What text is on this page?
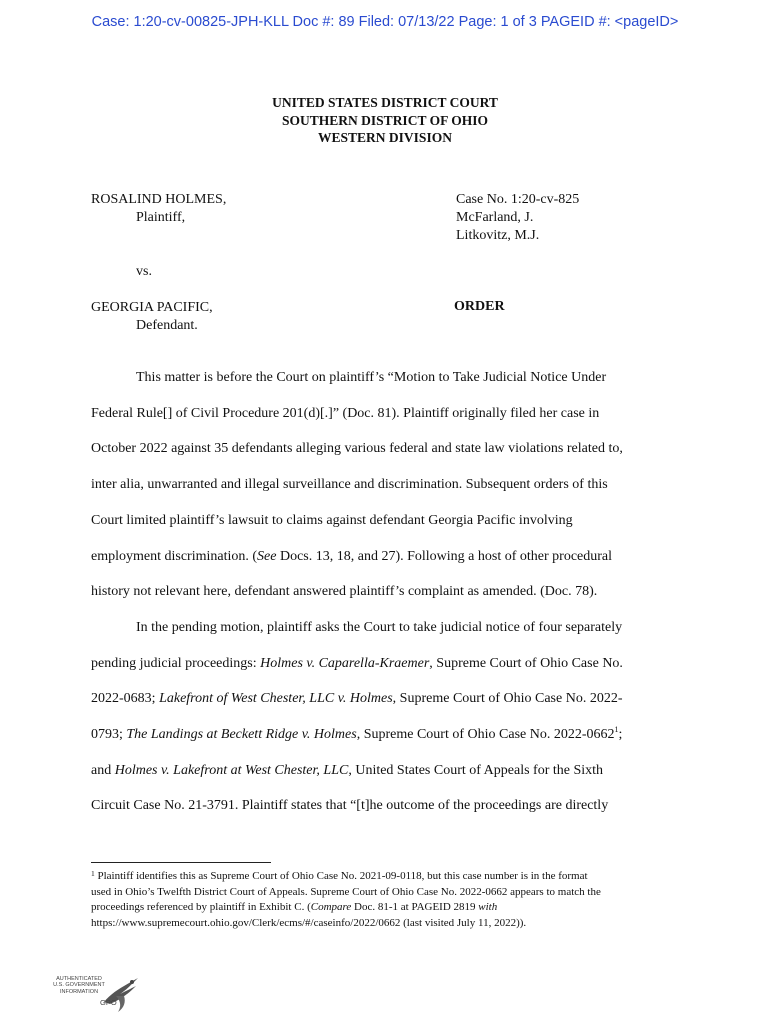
Case: 1:20-cv-00825-JPH-KLL Doc #: 89 Filed: 07/13/22 Page: 1 of 3 PAGEID #: <pageID>
UNITED STATES DISTRICT COURT
SOUTHERN DISTRICT OF OHIO
WESTERN DIVISION
ROSALIND HOLMES,
Plaintiff,
vs.
GEORGIA PACIFIC,
Defendant.
Case No. 1:20-cv-825
McFarland, J.
Litkovitz, M.J.
ORDER
This matter is before the Court on plaintiff’s “Motion to Take Judicial Notice Under
Federal Rule[] of Civil Procedure 201(d)[.]” (Doc. 81). Plaintiff originally filed her case in
October 2022 against 35 defendants alleging various federal and state law violations related to,
inter alia, unwarranted and illegal surveillance and discrimination. Subsequent orders of this
Court limited plaintiff’s lawsuit to claims against defendant Georgia Pacific involving
employment discrimination. (See Docs. 13, 18, and 27). Following a host of other procedural
history not relevant here, defendant answered plaintiff’s complaint as amended. (Doc. 78).
In the pending motion, plaintiff asks the Court to take judicial notice of four separately
pending judicial proceedings: Holmes v. Caparella-Kraemer, Supreme Court of Ohio Case No.
2022-0683; Lakefront of West Chester, LLC v. Holmes, Supreme Court of Ohio Case No. 2022-
0793; The Landings at Beckett Ridge v. Holmes, Supreme Court of Ohio Case No. 2022-0662$^1$;
and Holmes v. Lakefront at West Chester, LLC, United States Court of Appeals for the Sixth
Circuit Case No. 21-3791. Plaintiff states that “[t]he outcome of the proceedings are directly
$^1$ Plaintiff identifies this as Supreme Court of Ohio Case No. 2021-09-0118, but this case number is in the format
used in Ohio’s Twelfth District Court of Appeals. Supreme Court of Ohio Case No. 2022-0662 appears to match the
proceedings referenced by plaintiff in Exhibit C. (Compare Doc. 81-1 at PAGEID 2819 with
https://www.supremecourt.ohio.gov/Clerk/ecms/#/caseinfo/2022/0662 (last visited July 11, 2022)).
AUTHENTICATED
U.S. GOVERNMENT
INFORMATION
GPO
